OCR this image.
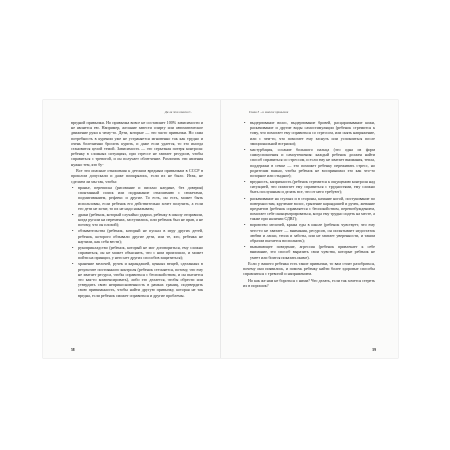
Да ли это опасно?..

вредной привычки. Но привычка вовсе не составляет 100% зависимости и не является ею. Например, желание завести спирту или автоматическое движение руки к чему-то. Дети, которые — это часто привычки. Но сама потребность в курении уже не устраняется мгновенно так как трудно и очень болезненно бросить курить, и даже если удается, то это иногда становится целой темой. Зависимость — это серьезная потеря контроля: ребенку в сложных ситуациях, при стрессе не хватает ресурсов, чтобы справиться с тревогой, и он получает облегчение. Различать эти явления нужно тем, кто бу-

Все эти опасные отношения к детским вредным привычкам в СССР в прошлом допускали и даже поощрялись, если их не было. Итак, не сделаем ли мы так, чтобы:

• вранье, переписка (рисование и письмо наедине, без доверия) спонтанный поиск или подражание отношению с сюжетами, подмигиванием, рефлекс и другие. То есть, он есть, может быть использован, если ребенок его действительно хочет получить, а если его дети не хотят, то их не надо наказывать;
• драки (ребенок, который случайно ударил, ребенку в школу отправили, когда ругали на переменах, заступились, или ребенок был не прав, а не потому, что он плохой);
• обзывательства (ребенок, который не пускал в игру других детей, ребенок, которого обзывали другие дети, или те, кто, ребенка не научили, как себя вести);
• рукоприкладство (ребенок, который не мог договориться, ему сложно справиться, он не может объяснить, что с ним произошло, и может пойти на принцип, у него нет других способов защититься);
• хранение мелочей, ручек и карандашей, ценных вещей, сделанных в результате постоянного контроля (ребенок стесняется, потому, что ему не хватает ресурса, чтобы справиться с беспокойством, и он пытается это как-то компенсировать), либо это делается, чтобы обрести или утвердить свою неприкосновенность в рамках границ, подтвердить свою привязанность, чтобы найти другую привычку, которая не так вредна, если ребенок сможет справиться и другие проблемы.
58
Глава 3 ...и многие привычки
• выдергивание волос, выдергивание бровей, расцарапывание кожи, раскачивание и другие виды самостимуляции (ребенок стремится к тому, что помогает ему справиться со стрессом, или снять напряжение, или с чем-то, что помогает ему заснуть или успокоиться после эмоциональной встряски);
• мастурбация, сосание большого пальца (это одна из форм самоуспокоения и самоутешения: каждый ребенок должен найти способ справиться со стрессом, и если ему не хватает внимания, тепла, поддержки в семье — это поможет ребенку переживать стресс, но родителям важно, чтобы ребенок не воспринимал это как что-то позорное или стыдное);
• вредность, капризность (ребенок стремится к ощущению контроля над ситуацией, что помогает ему справиться с трудностями, ему сложно быть послушным и делать все, что от него требуют);
• раскачивание на стульях и в стороны, качание ногой, постукивание по поверхностям, кручение волос, грызение карандашей и ручек, жевание предметов (ребенок справляется с беспокойством, перевозбуждением, помогает себе сконцентрироваться, когда ему трудно сидеть на месте, а также при наличии СДВГ);
• воровство мелочей, кража еды в школе (ребенок чувствует, что ему чего-то не хватает — внимания, ресурсов, он испытывает недостаток любви и ласки, тепла и заботы, или не хватает уверенности, и таким образом пытается восполнить);
• вызывающее поведение, агрессия (ребенок привлекает к себе внимание, это способ выразить свои чувства, которые ребенок не умеет или боится показать иначе).

Если у вашего ребенка есть такие привычки, то вам стоит разобраться, почему они появились, и помочь ребенку найти более здоровые способы справляться с тревогой и напряжением.

Но как же нам не бороться с ними? Что делать, если так хочется стереть их в порошок?

59
